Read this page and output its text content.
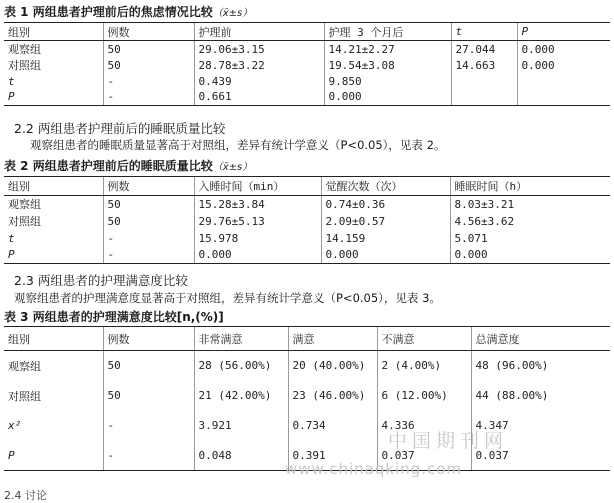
表 1 两组患者护理前后的焦虑情况比较（x̄±s）
组别	例数	护理前	护理 3 个月后	t	P
观察组	50	29.06±3.15	14.21±2.27	27.044	0.000
对照组	50	28.78±3.22	19.54±3.08	14.663	0.000
t	-	0.439	9.850		
P	-	0.661	0.000		
2.2 两组患者护理前后的睡眠质量比较
观察组患者的睡眠质量显著高于对照组，差异有统计学意义（P<0.05），见表 2。
表 2 两组患者护理前后的睡眠质量比较（x̄±s）
组别	例数	入睡时间（min）	觉醒次数（次）	睡眠时间（h）
观察组	50	15.28±3.84	0.74±0.36	8.03±3.21
对照组	50	29.76±5.13	2.09±0.57	4.56±3.62
t	-	15.978	14.159	5.071
P	-	0.000	0.000	0.000
2.3 两组患者的护理满意度比较
观察组患者的护理满意度显著高于对照组，差异有统计学意义（P<0.05），见表 3。
表 3 两组患者的护理满意度比较[n,(%)]
组别	例数	非常满意	满意	不满意	总满意度
观察组	50	28 (56.00%)	20 (40.00%)	2 (4.00%)	48 (96.00%)
对照组	50	21 (42.00%)	23 (46.00%)	6 (12.00%)	44 (88.00%)
x²	-	3.921	0.734	4.336	4.347
P	-	0.048	0.391	0.037	0.037
中国期刊网
www.chinaqking.com
2.4 讨论
